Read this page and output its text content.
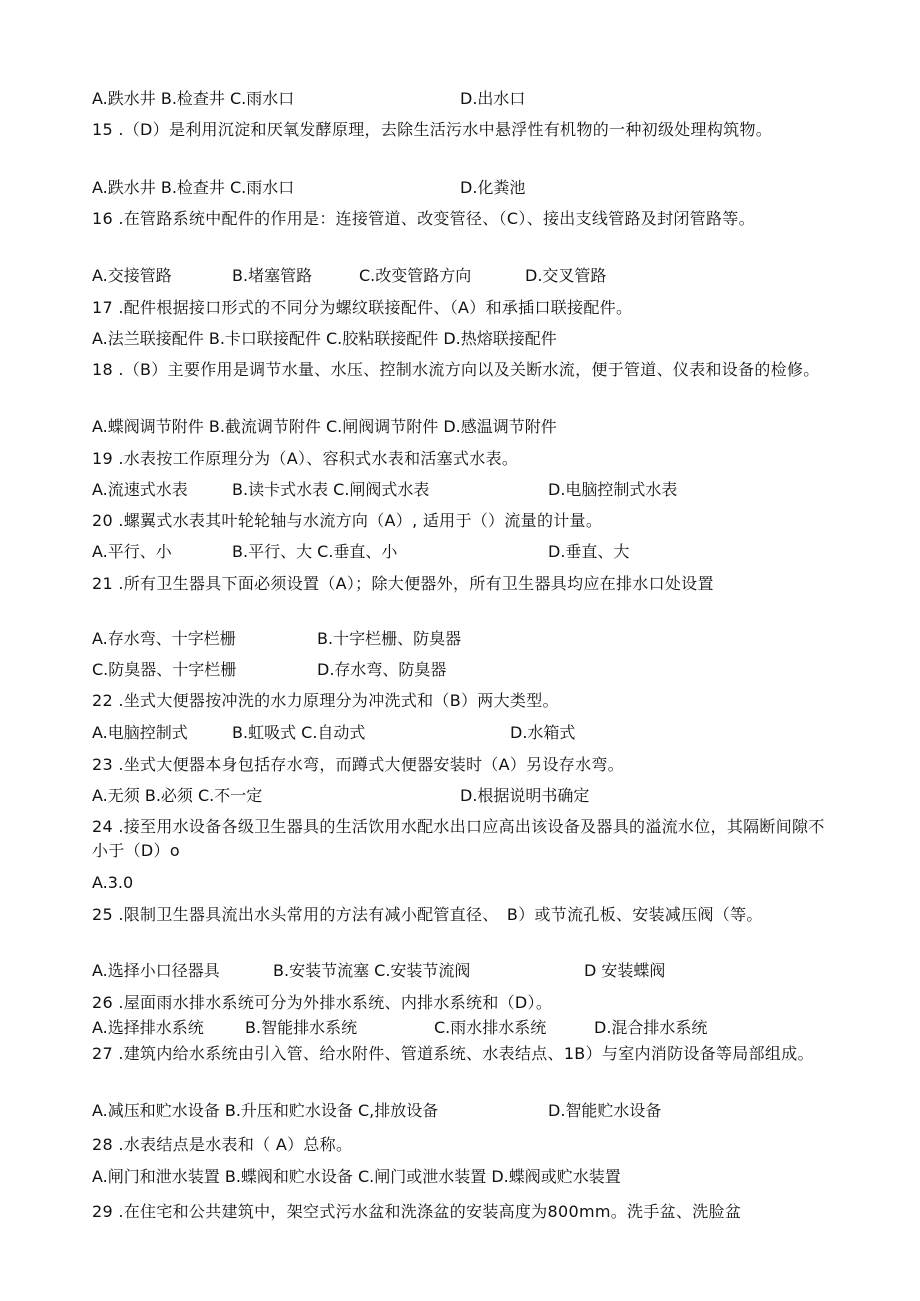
A.跌水井 B.检查井 C.雨水口	D.出水口
15 .（D）是利用沉淀和厌氧发酵原理，去除生活污水中悬浮性有机物的一种初级处理构筑物。
A.跌水井 B.检查井 C.雨水口	D.化粪池
16 .在管路系统中配件的作用是：连接管道、改变管径、（C）、接出支线管路及封闭管路等。
A.交接管路	B.堵塞管路	C.改变管路方向	D.交叉管路
17 .配件根据接口形式的不同分为螺纹联接配件、（A）和承插口联接配件。
A.法兰联接配件 B.卡口联接配件 C.胶粘联接配件 D.热熔联接配件
18 .（B）主要作用是调节水量、水压、控制水流方向以及关断水流，便于管道、仪表和设备的检修。
A.蝶阀调节附件 B.截流调节附件 C.闸阀调节附件 D.感温调节附件
19 .水表按工作原理分为（A）、容积式水表和活塞式水表。
A.流速式水表	B.读卡式水表 C.闸阀式水表	D.电脑控制式水表
20 .螺翼式水表其叶轮轮轴与水流方向（A）, 适用于（）流量的计量。
A.平行、小	B.平行、大 C.垂直、小	D.垂直、大
21 .所有卫生器具下面必须设置（A）；除大便器外，所有卫生器具均应在排水口处设置
A.存水弯、十字栏栅	B.十字栏栅、防臭器
C.防臭器、十字栏栅	D.存水弯、防臭器
22 .坐式大便器按冲洗的水力原理分为冲洗式和（B）两大类型。
A.电脑控制式	B.虹吸式 C.自动式	D.水箱式
23 .坐式大便器本身包括存水弯，而蹲式大便器安装时（A）另设存水弯。
A.无须 B.必须 C.不一定	D.根据说明书确定
24 .接至用水设备各级卫生器具的生活饮用水配水出口应高出该设备及器具的溢流水位，其隔断间隙不小于（D）o
A.3.0
25 .限制卫生器具流出水头常用的方法有减小配管直径、　B）或节流孔板、安装减压阀（等。
A.选择小口径器具	B.安装节流塞 C.安装节流阀	D 安装蝶阀
26 .屋面雨水排水系统可分为外排水系统、内排水系统和（D）。
A.选择排水系统	B.智能排水系统	C.雨水排水系统	D.混合排水系统
27 .建筑内给水系统由引入管、给水附件、管道系统、水表结点、1B）与室内消防设备等局部组成。
A.减压和贮水设备 B.升压和贮水设备 C,排放设备	D.智能贮水设备
28 .水表结点是水表和（ A）总称。
A.闸门和泄水装置 B.蝶阀和贮水设备 C.闸门或泄水装置 D.蝶阀或贮水装置
29 .在住宅和公共建筑中，架空式污水盆和洗涤盆的安装高度为800mm。洗手盆、洗脸盆
